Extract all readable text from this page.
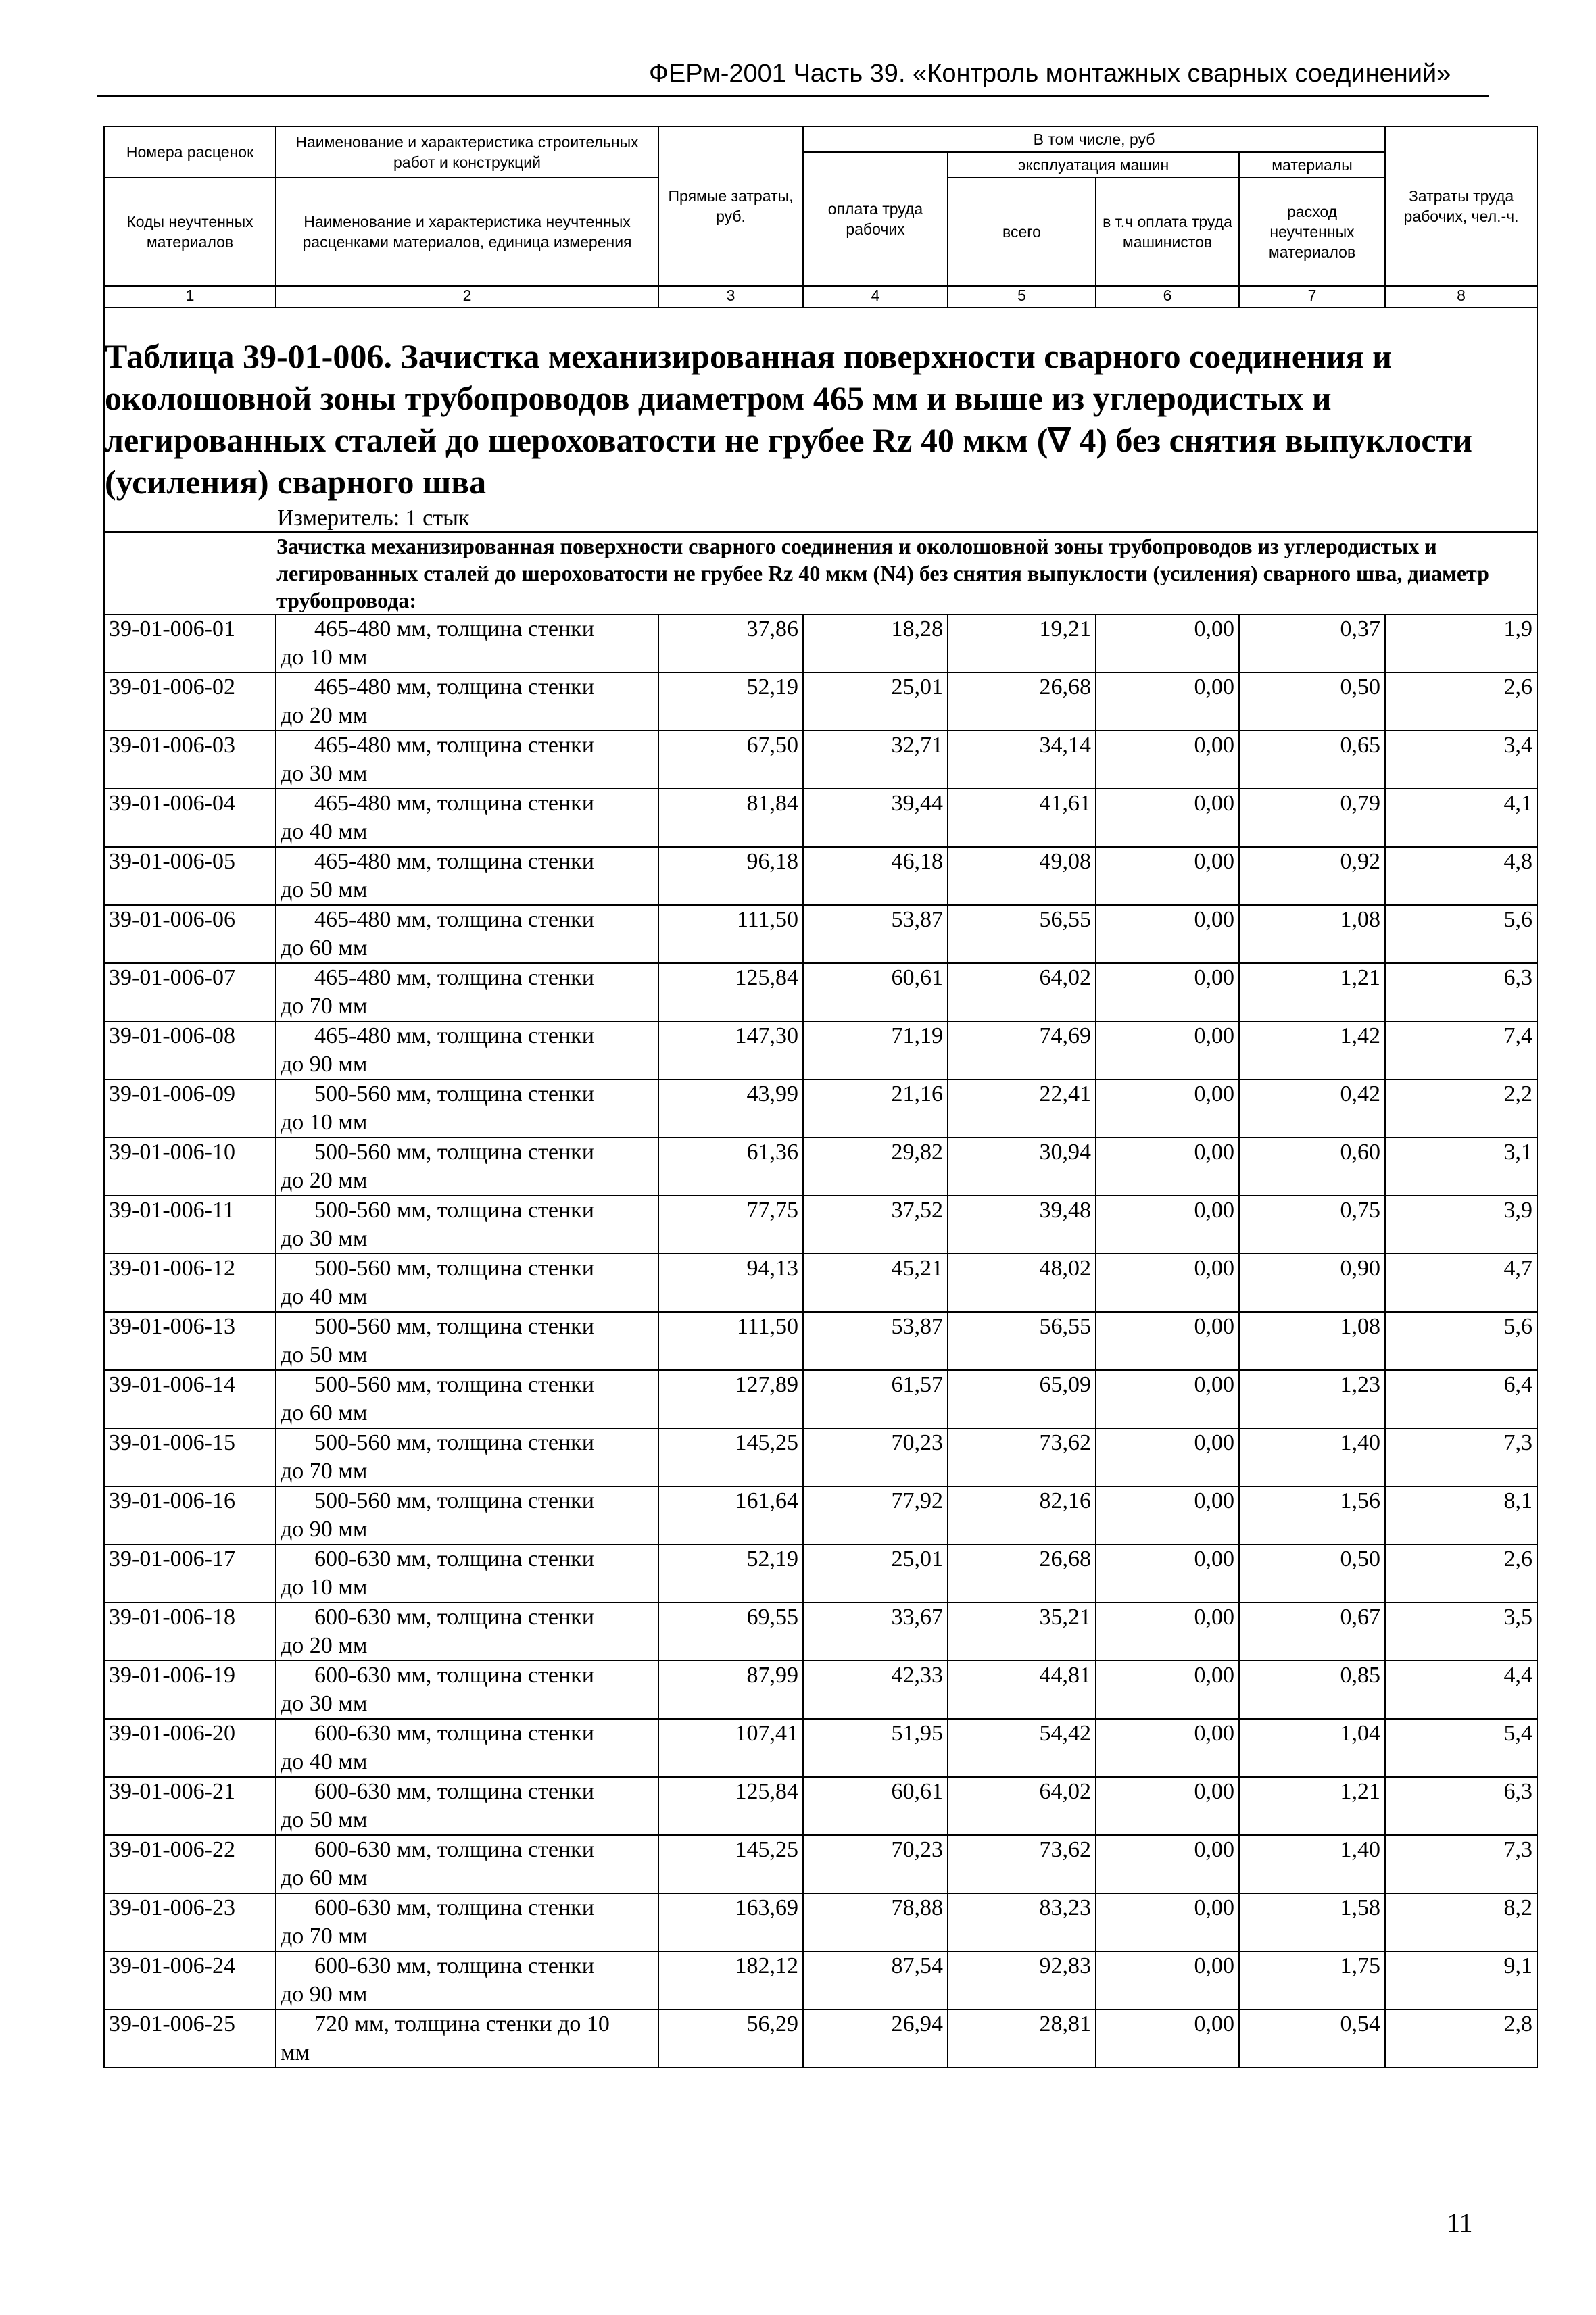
ФЕРм-2001 Часть 39. «Контроль монтажных сварных соединений»
Номера расценок	Наименование и характеристика строительных работ и конструкций	Прямые затраты, руб.	В том числе, руб				Затраты труда рабочих, чел.-ч.
			оплата труда рабочих	эксплуатация машин		материалы	
Коды неучтенных материалов	Наименование и характеристика неучтенных расценками материалов, единица измерения			всего	в т.ч оплата труда машинистов	расход неучтенных материалов	

1	2	3	4	5	6	7	8
Таблица 39-01-006. Зачистка механизированная поверхности сварного соединения и околошовной зоны трубопроводов диаметром 465 мм и выше из углеродистых и легированных сталей до шероховатости не грубее Rz 40 мкм (∇ 4) без снятия выпуклости (усиления) сварного шва							
Измеритель: 1 стык							
Зачистка механизированная поверхности сварного соединения и околошовной зоны трубопроводов из углеродистых и легированных сталей до шероховатости не грубее Rz 40 мкм (N4) без снятия выпуклости (усиления) сварного шва, диаметр трубопровода:							
39-01-006-01	465-480 мм, толщина стенки
до 10 мм	37,86	18,28	19,21	0,00	0,37	1,9
39-01-006-02	465-480 мм, толщина стенки
до 20 мм	52,19	25,01	26,68	0,00	0,50	2,6
39-01-006-03	465-480 мм, толщина стенки
до 30 мм	67,50	32,71	34,14	0,00	0,65	3,4
39-01-006-04	465-480 мм, толщина стенки
до 40 мм	81,84	39,44	41,61	0,00	0,79	4,1
39-01-006-05	465-480 мм, толщина стенки
до 50 мм	96,18	46,18	49,08	0,00	0,92	4,8
39-01-006-06	465-480 мм, толщина стенки
до 60 мм	111,50	53,87	56,55	0,00	1,08	5,6
39-01-006-07	465-480 мм, толщина стенки
до 70 мм	125,84	60,61	64,02	0,00	1,21	6,3
39-01-006-08	465-480 мм, толщина стенки
до 90 мм	147,30	71,19	74,69	0,00	1,42	7,4
39-01-006-09	500-560 мм, толщина стенки
до 10 мм	43,99	21,16	22,41	0,00	0,42	2,2
39-01-006-10	500-560 мм, толщина стенки
до 20 мм	61,36	29,82	30,94	0,00	0,60	3,1
39-01-006-11	500-560 мм, толщина стенки
до 30 мм	77,75	37,52	39,48	0,00	0,75	3,9
39-01-006-12	500-560 мм, толщина стенки
до 40 мм	94,13	45,21	48,02	0,00	0,90	4,7
39-01-006-13	500-560 мм, толщина стенки
до 50 мм	111,50	53,87	56,55	0,00	1,08	5,6
39-01-006-14	500-560 мм, толщина стенки
до 60 мм	127,89	61,57	65,09	0,00	1,23	6,4
39-01-006-15	500-560 мм, толщина стенки
до 70 мм	145,25	70,23	73,62	0,00	1,40	7,3
39-01-006-16	500-560 мм, толщина стенки
до 90 мм	161,64	77,92	82,16	0,00	1,56	8,1
39-01-006-17	600-630 мм, толщина стенки
до 10 мм	52,19	25,01	26,68	0,00	0,50	2,6
39-01-006-18	600-630 мм, толщина стенки
до 20 мм	69,55	33,67	35,21	0,00	0,67	3,5
39-01-006-19	600-630 мм, толщина стенки
до 30 мм	87,99	42,33	44,81	0,00	0,85	4,4
39-01-006-20	600-630 мм, толщина стенки
до 40 мм	107,41	51,95	54,42	0,00	1,04	5,4
39-01-006-21	600-630 мм, толщина стенки
до 50 мм	125,84	60,61	64,02	0,00	1,21	6,3
39-01-006-22	600-630 мм, толщина стенки
до 60 мм	145,25	70,23	73,62	0,00	1,40	7,3
39-01-006-23	600-630 мм, толщина стенки
до 70 мм	163,69	78,88	83,23	0,00	1,58	8,2
39-01-006-24	600-630 мм, толщина стенки
до 90 мм	182,12	87,54	92,83	0,00	1,75	9,1
39-01-006-25	720 мм, толщина стенки до 10
мм	56,29	26,94	28,81	0,00	0,54	2,8
11
